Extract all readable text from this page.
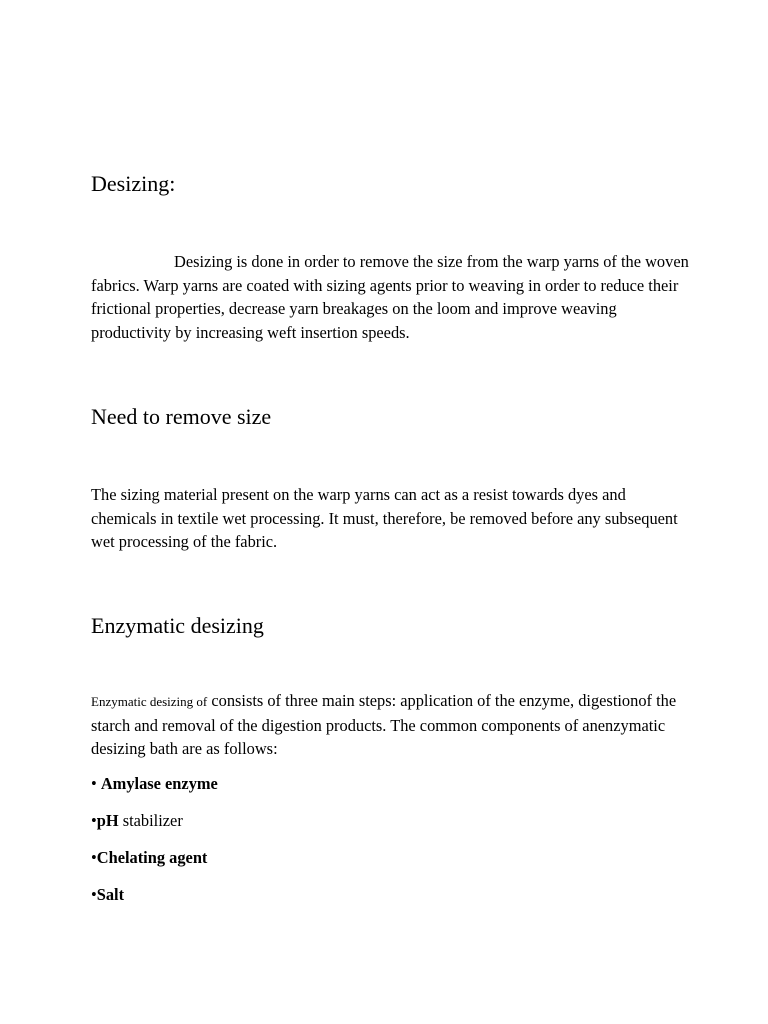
Desizing:

Desizing is done in order to remove the size from the warp yarns of the woven fabrics. Warp yarns are coated with sizing agents prior to weaving in order to reduce their frictional properties, decrease yarn breakages on the loom and improve weaving productivity by increasing weft insertion speeds.

Need to remove size

The sizing material present on the warp yarns can act as a resist towards dyes and chemicals in textile wet processing. It must, therefore, be removed before any subsequent wet processing of the fabric.

Enzymatic desizing

Enzymatic desizing of consists of three main steps: application of the enzyme, digestionof the starch and removal of the digestion products. The common components of anenzymatic desizing bath are as follows:

• Amylase enzyme
•pH stabilizer
•Chelating agent
•Salt
